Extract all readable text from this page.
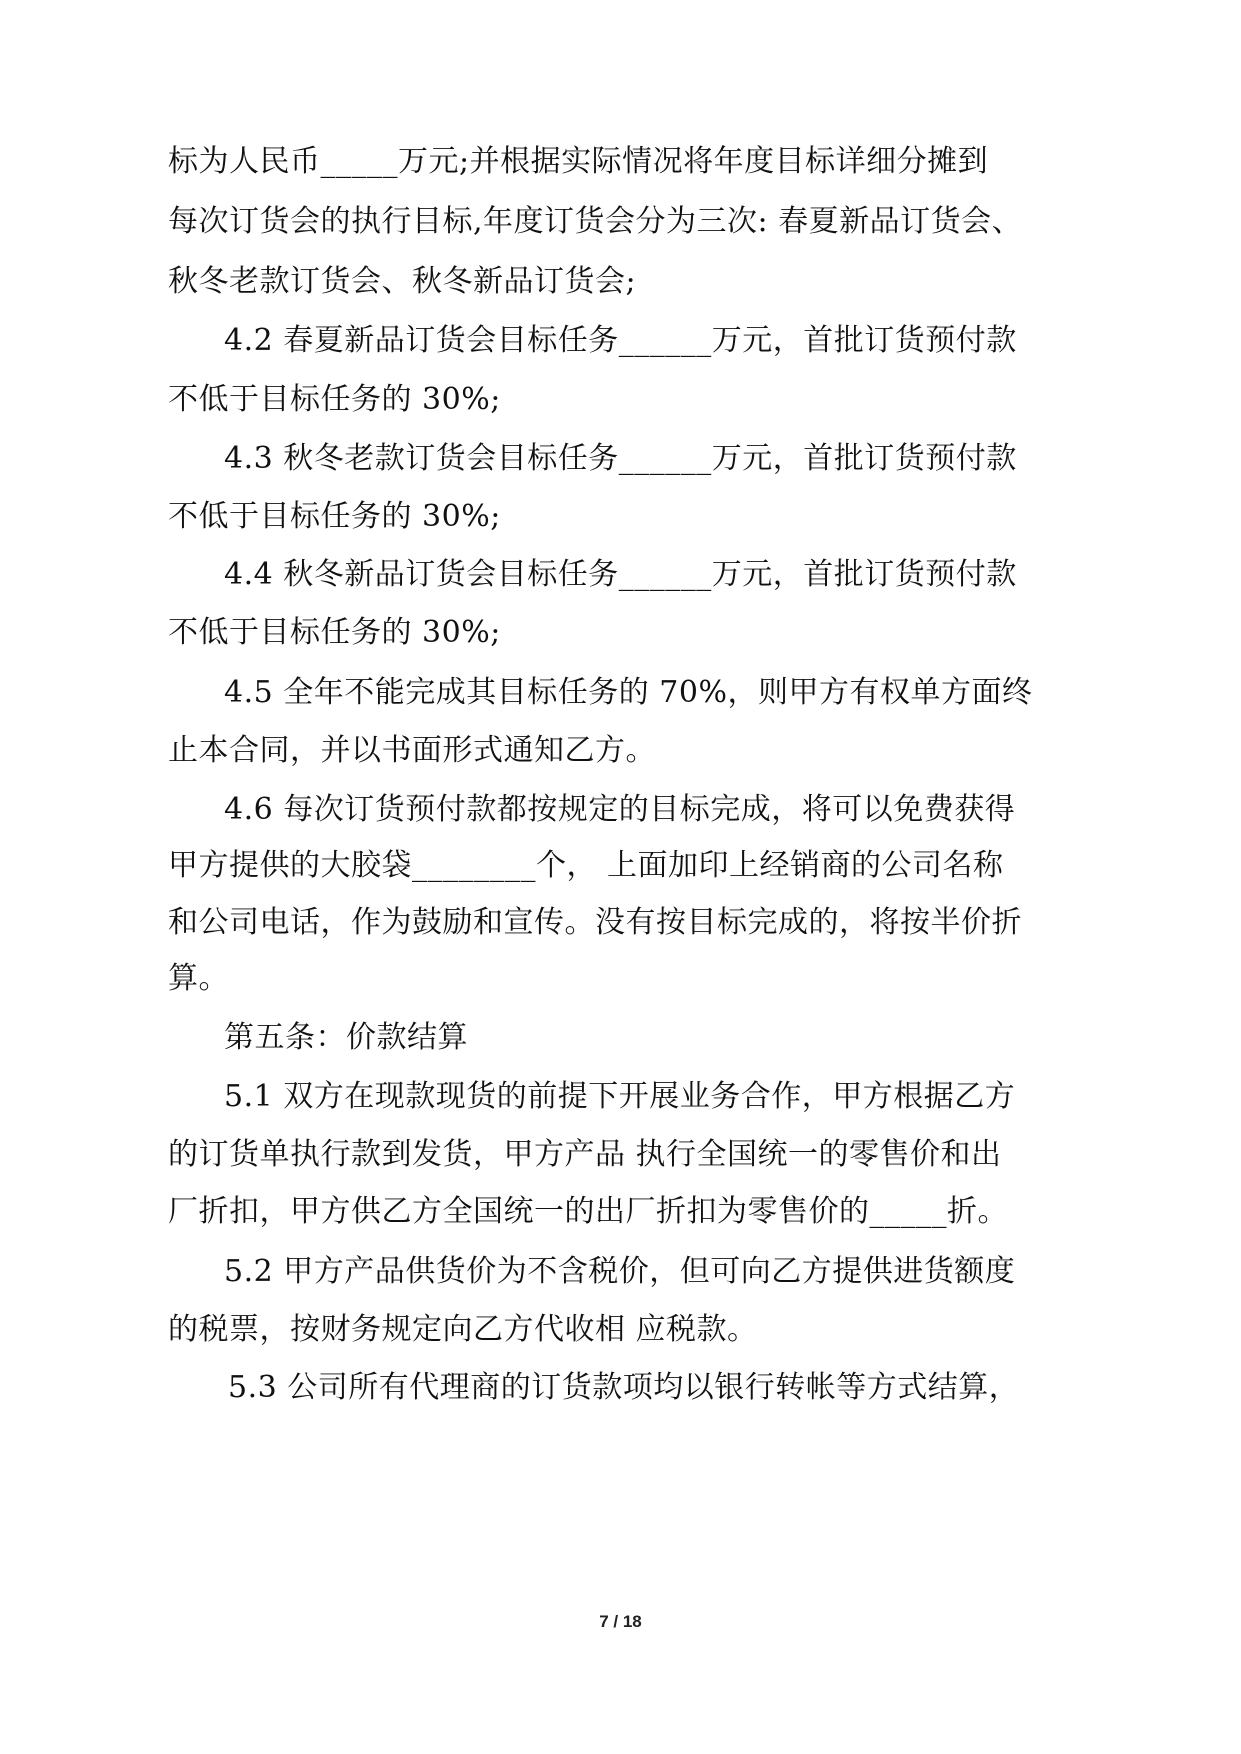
标为人民币_____万元;并根据实际情况将年度目标详细分摊到
每次订货会的执行目标,年度订货会分为三次: 春夏新品订货会、
秋冬老款订货会、秋冬新品订货会;
4.2 春夏新品订货会目标任务______万元，首批订货预付款
不低于目标任务的 30%;
4.3 秋冬老款订货会目标任务______万元，首批订货预付款
不低于目标任务的 30%;
4.4 秋冬新品订货会目标任务______万元，首批订货预付款
不低于目标任务的 30%;
4.5 全年不能完成其目标任务的 70%，则甲方有权单方面终
止本合同，并以书面形式通知乙方。
4.6 每次订货预付款都按规定的目标完成，将可以免费获得
甲方提供的大胶袋________个， 上面加印上经销商的公司名称
和公司电话，作为鼓励和宣传。没有按目标完成的，将按半价折
算。
第五条：价款结算
5.1 双方在现款现货的前提下开展业务合作，甲方根据乙方
的订货单执行款到发货，甲方产品 执行全国统一的零售价和出
厂折扣，甲方供乙方全国统一的出厂折扣为零售价的_____折。
5.2 甲方产品供货价为不含税价，但可向乙方提供进货额度
的税票，按财务规定向乙方代收相 应税款。
5.3 公司所有代理商的订货款项均以银行转帐等方式结算，
7 / 18
